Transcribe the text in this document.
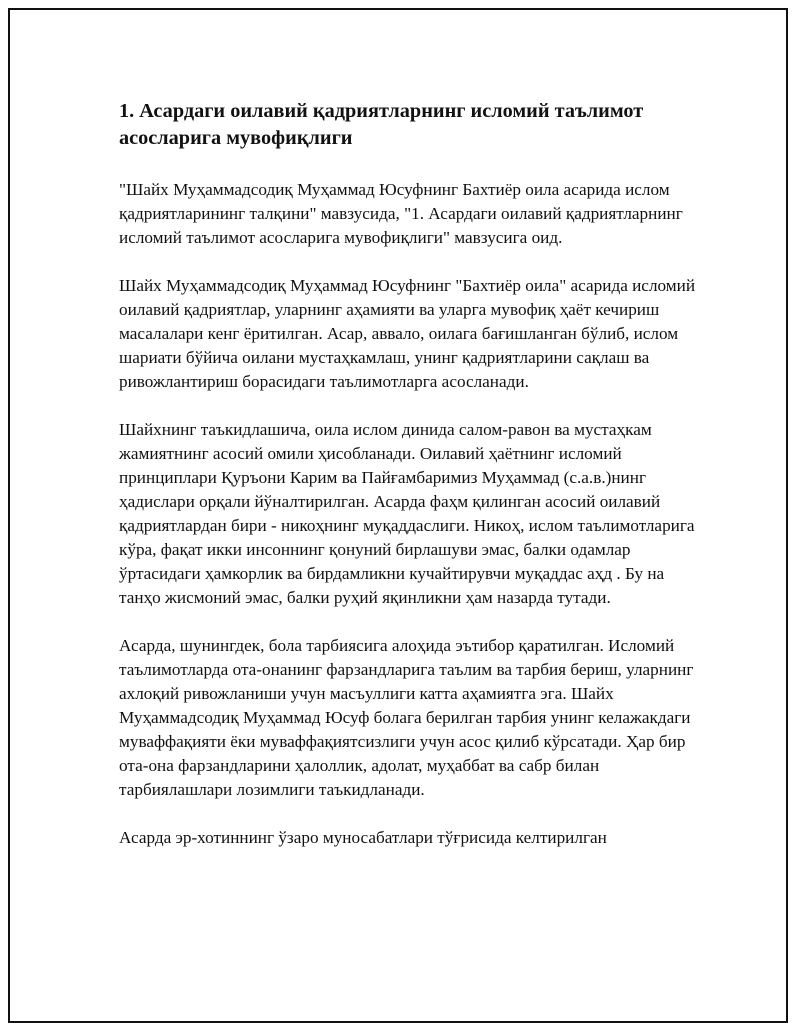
1. Асардаги оилавий қадриятларнинг исломий таълимот асосларига мувофиқлиги

"Шайх Муҳаммадсодиқ Муҳаммад Юсуфнинг Бахтиёр оила асарида ислом қадриятларининг талқини" мавзусида, "1. Асардаги оилавий қадриятларнинг исломий таълимот асосларига мувофиқлиги" мавзусига оид.

Шайх Муҳаммадсодиқ Муҳаммад Юсуфнинг "Бахтиёр оила" асарида исломий оилавий қадриятлар, уларнинг аҳамияти ва уларга мувофиқ ҳаёт кечириш масалалари кенг ёритилган. Асар, аввало, оилага бағишланган бўлиб, ислом шариати бўйича оилани мустаҳкамлаш, унинг қадриятларини сақлаш ва ривожлантириш борасидаги таълимотларга асосланади.

Шайхнинг таъкидлашича, оила ислом динида салом-равон ва мустаҳкам жамиятнинг асосий омили ҳисобланади. Оилавий ҳаётнинг исломий принциплари Қуръони Карим ва Пайғамбаримиз Муҳаммад (с.а.в.)нинг ҳадислари орқали йўналтирилган. Асарда фаҳм қилинган асосий оилавий қадриятлардан бири - никоҳнинг муқаддаслиги. Никоҳ, ислом таълимотларига кўра, фақат икки инсоннинг қонуний бирлашуви эмас, балки одамлар ўртасидаги ҳамкорлик ва бирдамликни кучайтирувчи муқаддас аҳд . Бу на танҳо жисмоний эмас, балки руҳий яқинликни ҳам назарда тутади.

Асарда, шунингдек, бола тарбиясига алоҳида эътибор қаратилган. Исломий таълимотларда ота-онанинг фарзандларига таълим ва тарбия бериш, уларнинг ахлоқий ривожланиши учун масъуллиги катта аҳамиятга эга. Шайх Муҳаммадсодиқ Муҳаммад Юсуф болага берилган тарбия унинг келажакдаги муваффақияти ёки муваффақиятсизлиги учун асос қилиб кўрсатади. Ҳар бир ота-она фарзандларини ҳалоллик, адолат, муҳаббат ва сабр билан тарбиялашлари лозимлиги таъкидланади.

Асарда эр-хотиннинг ўзаро муносабатлари тўғрисида келтирилган
